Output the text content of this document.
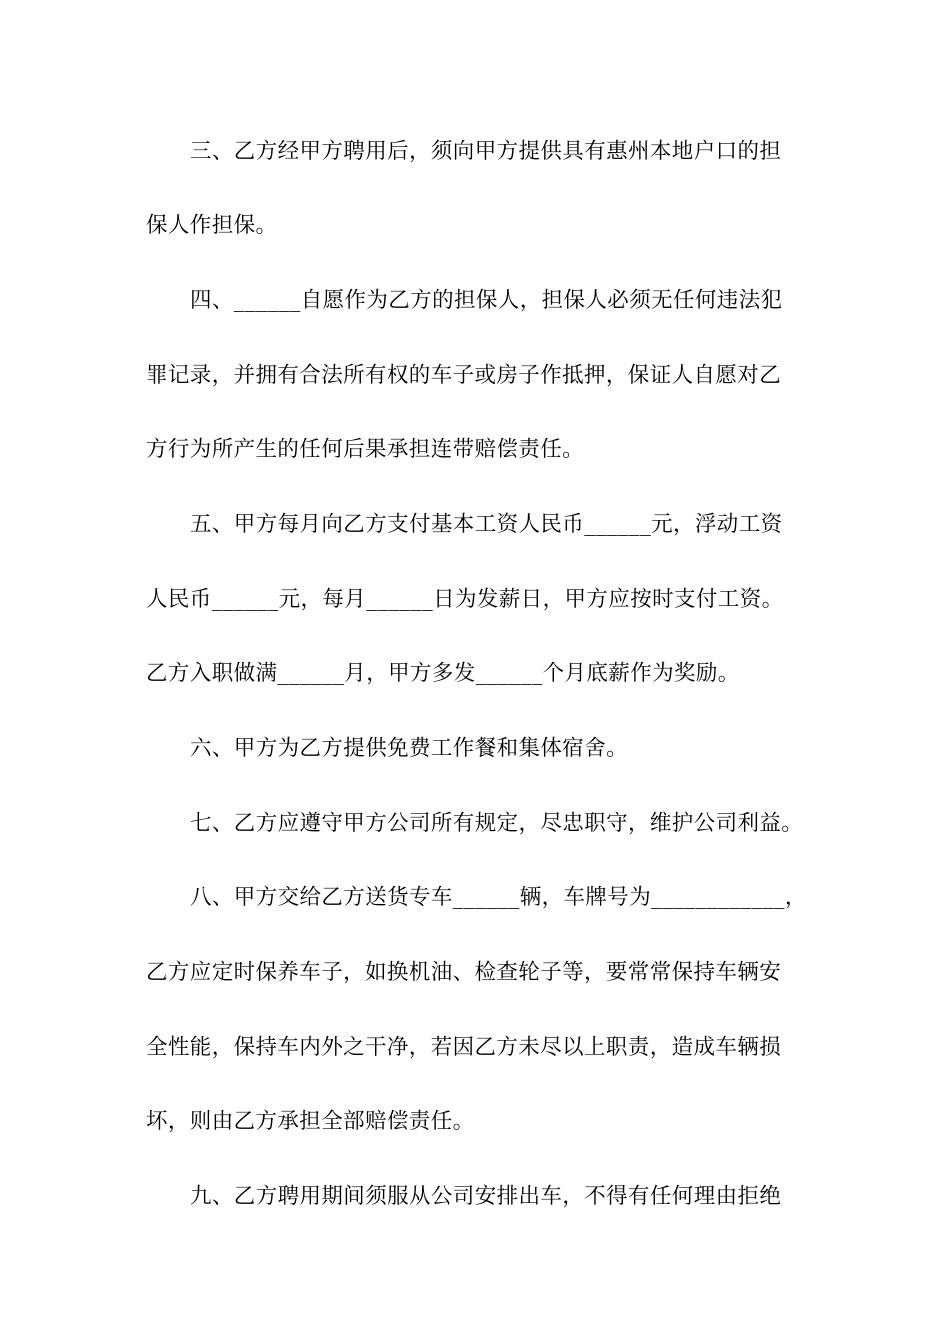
三、乙方经甲方聘用后，须向甲方提供具有惠州本地户口的担
保人作担保。
四、______自愿作为乙方的担保人，担保人必须无任何违法犯
罪记录，并拥有合法所有权的车子或房子作抵押，保证人自愿对乙
方行为所产生的任何后果承担连带赔偿责任。
五、甲方每月向乙方支付基本工资人民币______元，浮动工资
人民币______元，每月______日为发薪日，甲方应按时支付工资。
乙方入职做满______月，甲方多发______个月底薪作为奖励。
六、甲方为乙方提供免费工作餐和集体宿舍。
七、乙方应遵守甲方公司所有规定，尽忠职守，维护公司利益。
八、甲方交给乙方送货专车______辆，车牌号为____________，
乙方应定时保养车子，如换机油、检查轮子等，要常常保持车辆安
全性能，保持车内外之干净，若因乙方未尽以上职责，造成车辆损
坏，则由乙方承担全部赔偿责任。
九、乙方聘用期间须服从公司安排出车，不得有任何理由拒绝
